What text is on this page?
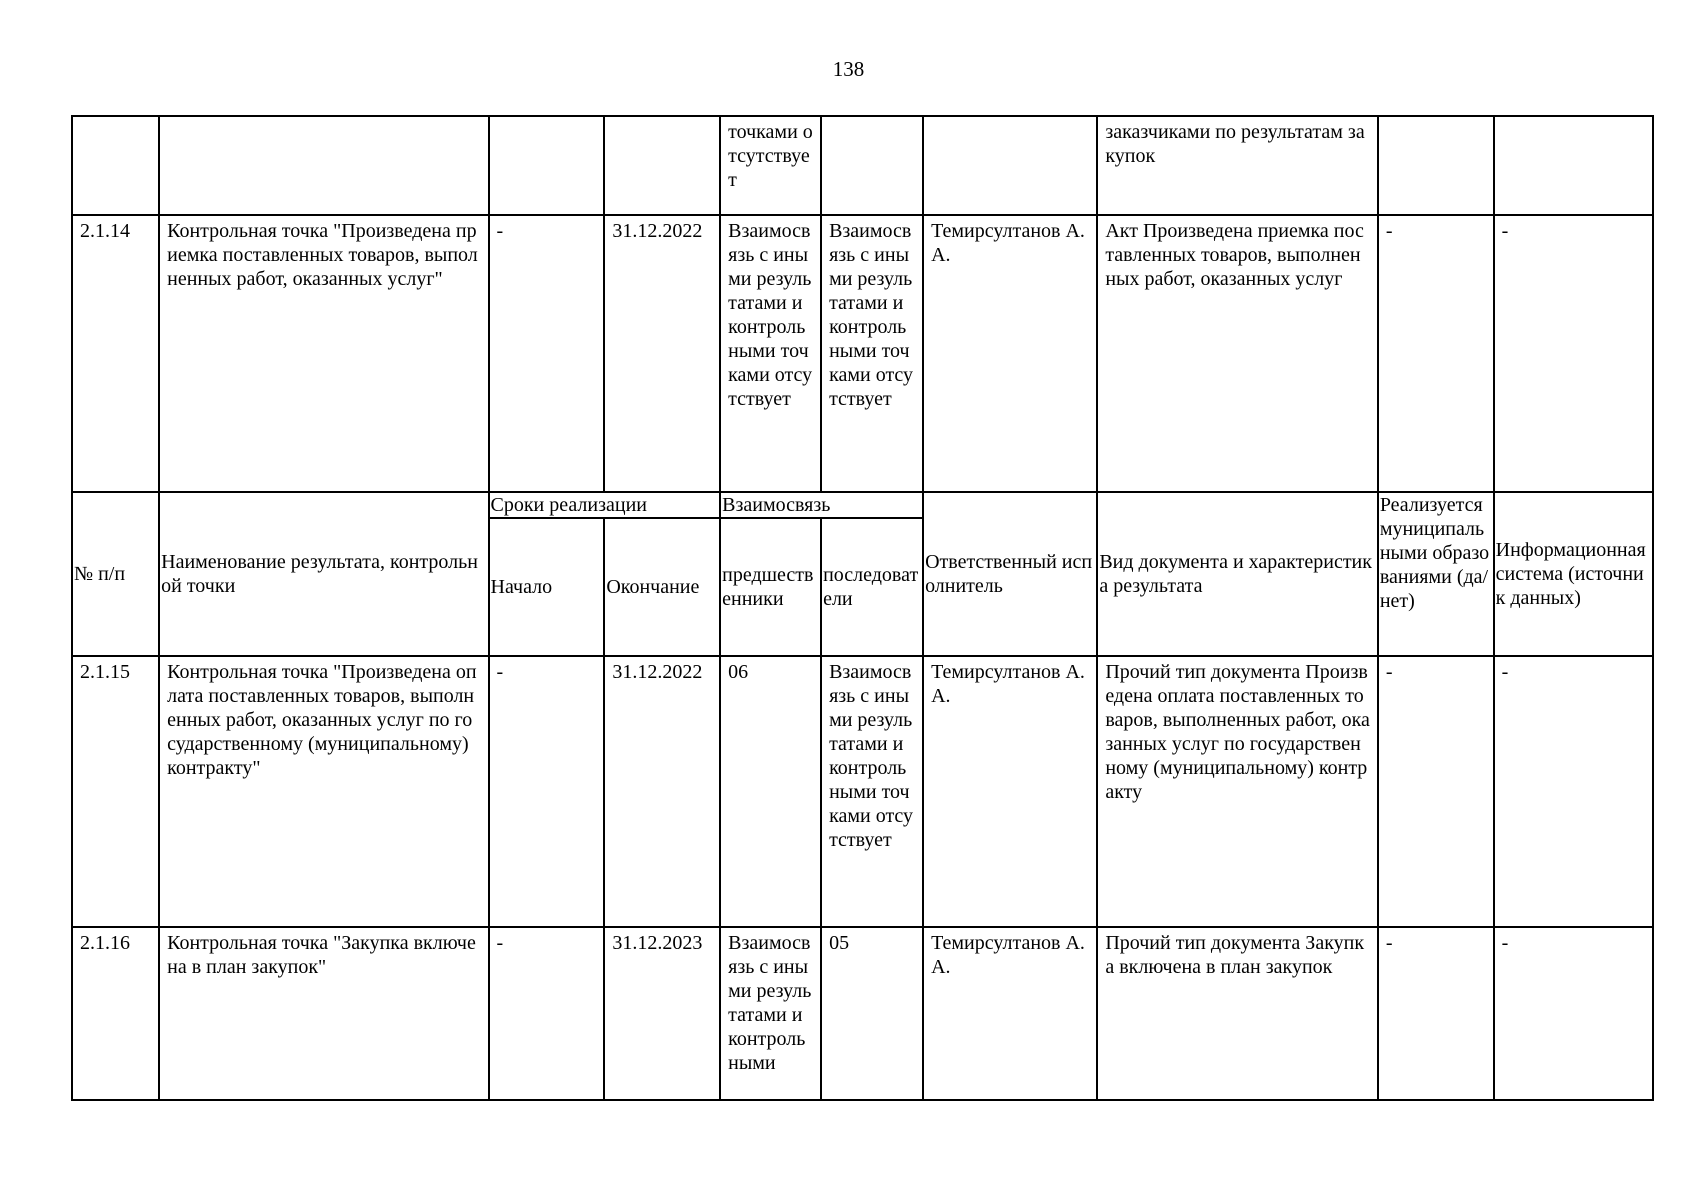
138
				точками отсутствует			заказчиками по результатам закупок		
2.1.14	Контрольная точка "Произведена приемка поставленных товаров, выполненных работ, оказанных услуг"	-	31.12.2022	Взаимосвязь с иными результатами и контрольными точками отсутствует	Взаимосвязь с иными результатами и контрольными точками отсутствует	Темирсултанов А.А.	Акт Произведена приемка поставленных товаров, выполненных работ, оказанных услуг	-	-
№ п/п	Наименование результата, контрольной точки	Сроки реализации		Взаимосвязь		Ответственный исполнитель	Вид документа и характеристика результата	Реализуется муниципальными образованиями (да/нет)	Информационная система (источник данных)
		Начало	Окончание	предшественники	последователи				
2.1.15	Контрольная точка "Произведена оплата поставленных товаров, выполненных работ, оказанных услуг по государственному (муниципальному) контракту"	-	31.12.2022	06	Взаимосвязь с иными результатами и контрольными точками отсутствует	Темирсултанов А.А.	Прочий тип документа Произведена оплата поставленных товаров, выполненных работ, оказанных услуг по государственному (муниципальному) контракту	-	-
2.1.16	Контрольная точка "Закупка включена в план закупок"	-	31.12.2023	Взаимосвязь с иными результатами и контрольными	05	Темирсултанов А.А.	Прочий тип документа Закупка включена в план закупок	-	-
